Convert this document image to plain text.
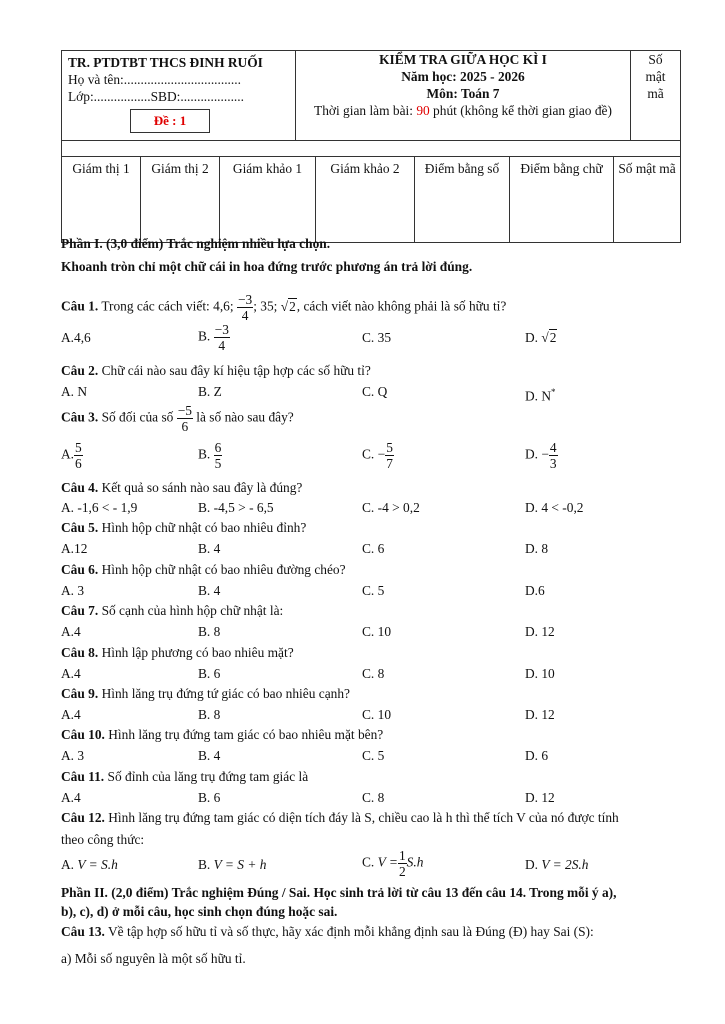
TR. PTDTBT THCS ĐINH RUỐI
Họ và tên:...................................
Lớp:.................SBD:...................
Đề : 1

KIỂM TRA GIỮA HỌC KÌ I
Năm học: 2025 - 2026
Môn: Toán 7
Thời gian làm bài: 90 phút (không kể thời gian giao đề)

Số
mật
mã

Giám thị 1	Giám thị 2	Giám khảo 1	Giám khảo 2	Điểm bằng số	Điểm bằng chữ	Số mật mã
Phần I. (3,0 điểm) Trắc nghiệm nhiều lựa chọn.
Khoanh tròn chỉ một chữ cái in hoa đứng trước phương án trả lời đúng.
Câu 1. Trong các cách viết: 4,6; $\frac{-3}{4}$ ; 35; √2, cách viết nào không phải là số hữu tỉ?
A.4,6	B. $\frac{-3}{4}$	C. 35	D. √2
Câu 2. Chữ cái nào sau đây kí hiệu tập hợp các số hữu tỉ?
A. N	B. Z	C. Q	D. N*
Câu 3. Số đối của số $\frac{-5}{6}$ là số nào sau đây?
A. $\frac{5}{6}$	B. $\frac{6}{5}$	C. − $\frac{5}{7}$	D. − $\frac{4}{3}$
Câu 4. Kết quả so sánh nào sau đây là đúng?
A. -1,6 < - 1,9	B. -4,5 > - 6,5	C. -4 > 0,2	D. 4 < -0,2
Câu 5. Hình hộp chữ nhật có bao nhiêu đỉnh?
A.12	B. 4	C. 6	D. 8
Câu 6. Hình hộp chữ nhật có bao nhiêu đường chéo?
A. 3	B. 4	C. 5	D.6
Câu 7. Số cạnh của hình hộp chữ nhật là:
A.4	B. 8	C. 10	D. 12
Câu 8. Hình lập phương có bao nhiêu mặt?
A.4	B. 6	C. 8	D. 10
Câu 9. Hình lăng trụ đứng tứ giác có bao nhiêu cạnh?
A.4	B. 8	C. 10	D. 12
Câu 10. Hình lăng trụ đứng tam giác có bao nhiêu mặt bên?
A. 3	B. 4	C. 5	D. 6
Câu 11. Số đỉnh của lăng trụ đứng tam giác là
A.4	B. 6	C. 8	D. 12
Câu 12. Hình lăng trụ đứng tam giác có diện tích đáy là S, chiều cao là h thì thể tích V của nó được tính
theo công thức:
A. V = S.h	B. V = S + h	C. $V = \frac{1}{2} S.h$	D. V = 2S.h
Phần II. (2,0 điểm) Trắc nghiệm Đúng / Sai. Học sinh trả lời từ câu 13 đến câu 14. Trong mỗi ý a),
b), c), d) ở mỗi câu, học sinh chọn đúng hoặc sai.
Câu 13. Về tập hợp số hữu tỉ và số thực, hãy xác định mỗi khẳng định sau là Đúng (Đ) hay Sai (S):
a) Mỗi số nguyên là một số hữu tỉ.
